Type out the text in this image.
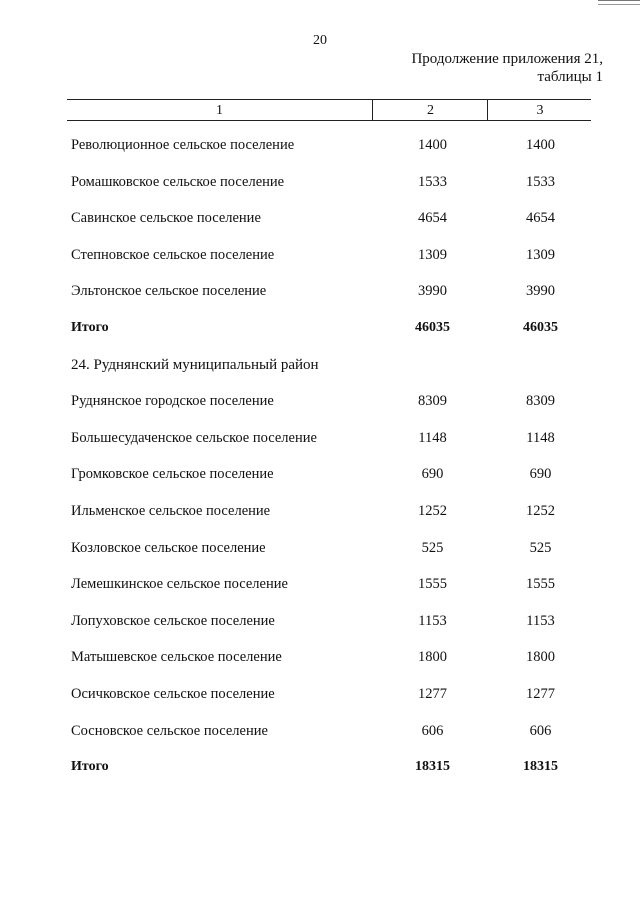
20
Продолжение приложения 21,
таблицы 1
1	2	3
Революционное сельское поселение	1400	1400
Ромашковское сельское поселение	1533	1533
Савинское сельское поселение	4654	4654
Степновское сельское поселение	1309	1309
Эльтонское сельское поселение	3990	3990
Итого	46035	46035
24. Руднянский муниципальный район
Руднянское городское поселение	8309	8309
Большесудаченское сельское поселение	1148	1148
Громковское сельское поселение	690	690
Ильменское сельское поселение	1252	1252
Козловское сельское поселение	525	525
Лемешкинское сельское поселение	1555	1555
Лопуховское сельское поселение	1153	1153
Матышевское сельское поселение	1800	1800
Осичковское сельское поселение	1277	1277
Сосновское сельское поселение	606	606
Итого	18315	18315
